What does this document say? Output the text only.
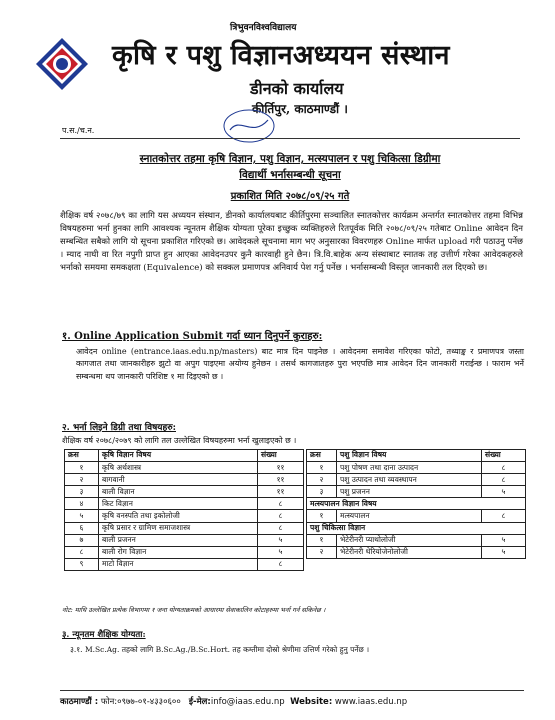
त्रिभुवनविश्वविद्यालय
कृषि र पशु विज्ञानअध्ययन संस्थान
डीनको कार्यालय
कीर्तिपुर, काठमाण्डौं ।
प.स./च.न.
स्नातकोत्तर तहमा कृषि विज्ञान, पशु विज्ञान, मत्स्यपालन र पशु चिकित्सा डिग्रीमा
विद्यार्थी भर्नासम्बन्धी सूचना
प्रकाशित मिति २०७८/०९/२५ गते
शैक्षिक वर्ष २०७८/७९ का लागि यस अध्ययन संस्थान, डीनको कार्यालयबाट कीर्तिपुरमा सञ्चालित स्नातकोत्तर कार्यक्रम अन्तर्गत स्नातकोत्तर तहमा विभिन्न विषयहरुमा भर्ना हुनका लागि आवश्यक न्यूनतम शैक्षिक योग्यता पूरेका इच्छुक व्यक्तिहरुले रितपूर्वक मिति २०७८/०९/२५ गतेबाट Online आवेदन दिन सम्बन्धित सबैको लागि यो सूचना प्रकाशित गरिएको छ। आवेदकले सूचनामा माग भए अनुसारका विवरणहरु Online मार्फत upload गरी पठाउनु पर्नेछ । म्याद नाघी वा रित नपुगी प्राप्त हुन आएका आवेदनउपर कुनै कारवाही हुने छैन। त्रि.वि.बाहेक अन्य संस्थाबाट स्नातक तह उत्तीर्ण गरेका आवेदकहरुले भर्नाको समयमा समकक्षता (Equivalence) को सक्कल प्रमाणपत्र अनिवार्य पेश गर्नु पर्नेछ । भर्नासम्बन्धी विस्तृत जानकारी तल दिएको छ।
१. Online Application Submit गर्दा ध्यान दिनुपर्ने कुराहरु:
आवेदन online (entrance.iaas.edu.np/masters) बाट मात्र दिन पाइनेछ । आवेदनमा समावेश गरिएका फोटो, तथ्याङ्क र प्रमाणपत्र जस्ता कागजात तथा जानकारीहरु झुटो वा अपुग पाइएमा अयोग्य हुनेछन । तसर्थ कागजातहरु पुरा भएपछि मात्र आवेदन दिन जानकारी गराईन्छ । फाराम भर्ने सम्बन्धमा थप जानकारी परिशिष्ट १ मा दिइएको छ ।
२. भर्ना लिइने डिग्री तथा विषयहरु:
शैक्षिक वर्ष २०७८/२०७९ को लागि तल उल्लेखित विषयहरुमा भर्ना खुलाइएको छ ।
क्रस	कृषि विज्ञान विषय	संख्या
१	कृषि अर्थशास्त्र	११
२	बागवानी	११
३	बाली विज्ञान	११
४	किट विज्ञान	८
५	कृषि वनस्पति तथा इकोलोजी	८
६	कृषि प्रसार र ग्रामिण समाजशास्त्र	८
७	बाली प्रजनन	५
८	बाली रोग विज्ञान	५
९	माटो विज्ञान	८
क्रस	पशु विज्ञान विषय	संख्या
१	पशु पोषण तथा दाना उत्पादन	८
२	पशु उत्पादन तथा व्यवस्थापन	८
३	पशु प्रजनन	५
मत्स्यपालन विज्ञान विषय		
१	मत्स्यपालन	८
पशु चिकित्सा विज्ञान		
१	भेटेरीनरी प्याथोलोजी	५
२	भेटेरीनरी थेरियोजेनोलोजी	५
नोट: माथि उल्लेखित प्रत्येक विभागमा १ जना योग्यताक्रमको आधारमा सेवाकालिन कोटाहरुमा भर्ना गर्न सकिनेछ ।
३. न्यूनतम शैक्षिक योग्यता:
३.१. M.Sc.Ag. तहको लागि B.Sc.Ag./B.Sc.Hort. तह कम्तीमा दोस्रो श्रेणीमा उत्तिर्ण गरेको हुनु पर्नेछ ।
काठमाण्डौं : फोन:०९७७-०१-४३३०६०० ई-मेल:info@iaas.edu.np Website: www.iaas.edu.np
